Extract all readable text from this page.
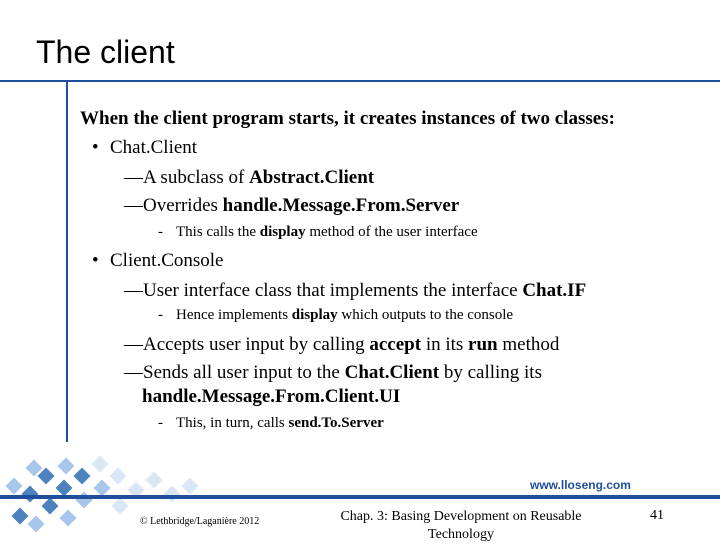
The client
When the client program starts, it creates instances of two classes:
• Chat.Client
—A subclass of Abstract.Client
—Overrides handle.Message.From.Server
- This calls the display method of the user interface
• Client.Console
—User interface class that implements the interface Chat.IF
- Hence implements display which outputs to the console
—Accepts user input by calling accept in its run method
—Sends all user input to the Chat.Client by calling its
handle.Message.From.Client.UI
- This, in turn, calls send.To.Server
www.lloseng.com
© Lethbridge/Laganière 2012	Chap. 3: Basing Development on Reusable Technology
41
